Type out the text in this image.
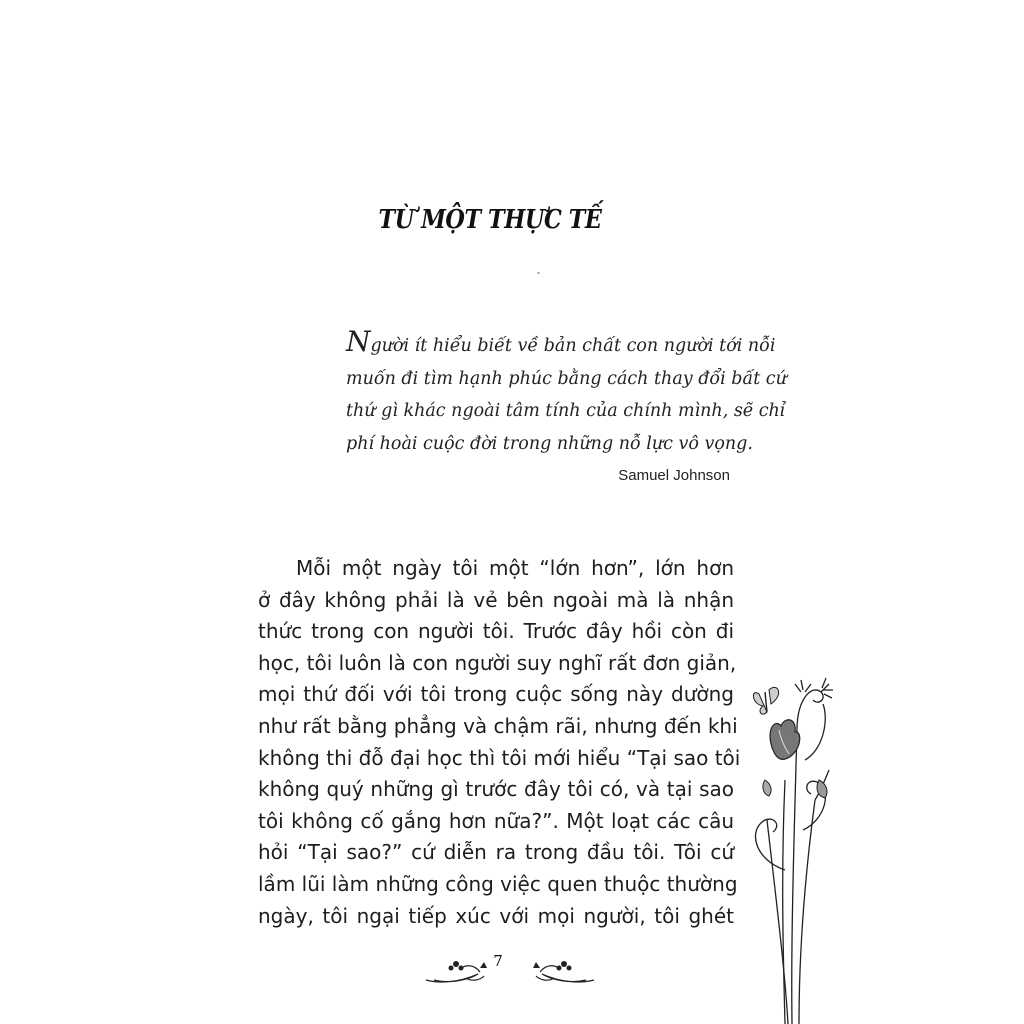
TỪ MỘT THỰC TẾ
Người ít hiểu biết về bản chất con người tới nỗi
muốn đi tìm hạnh phúc bằng cách thay đổi bất cứ
thứ gì khác ngoài tâm tính của chính mình, sẽ chỉ
phí hoài cuộc đời trong những nỗ lực vô vọng.
Samuel Johnson
Mỗi một ngày tôi một “lớn hơn”, lớn hơn
ở đây không phải là vẻ bên ngoài mà là nhận
thức trong con người tôi. Trước đây hồi còn đi
học, tôi luôn là con người suy nghĩ rất đơn giản,
mọi thứ đối với tôi trong cuộc sống này dường
như rất bằng phẳng và chậm rãi, nhưng đến khi
không thi đỗ đại học thì tôi mới hiểu “Tại sao tôi
không quý những gì trước đây tôi có, và tại sao
tôi không cố gắng hơn nữa?”. Một loạt các câu
hỏi “Tại sao?” cứ diễn ra trong đầu tôi. Tôi cứ
lầm lũi làm những công việc quen thuộc thường
ngày, tôi ngại tiếp xúc với mọi người, tôi ghét
7
